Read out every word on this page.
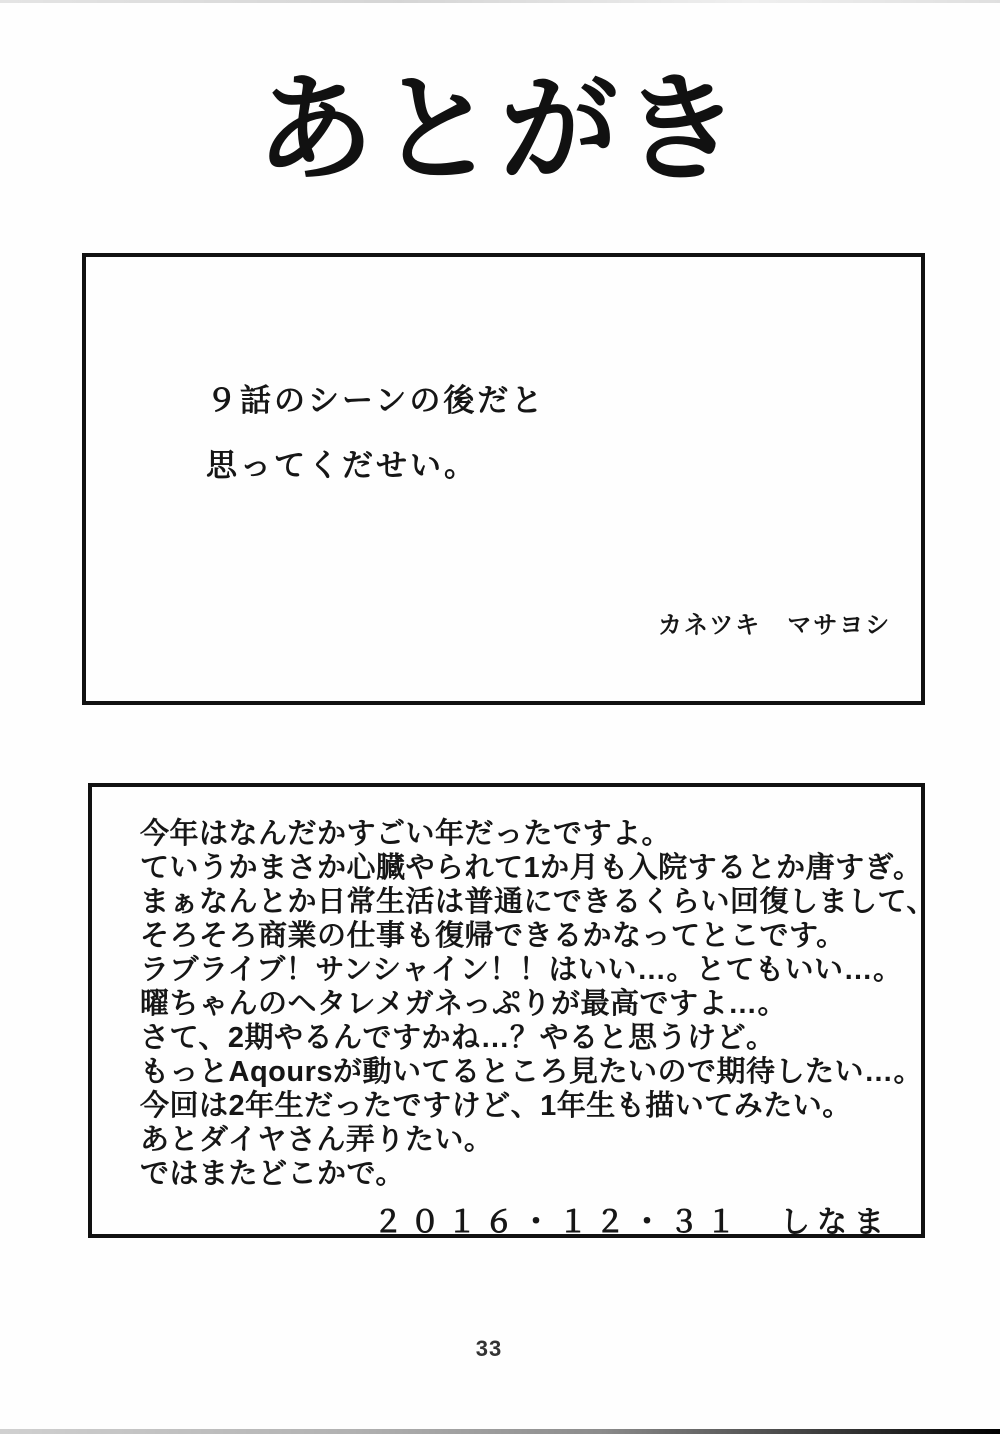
あとがき

９話のシーンの後だと

思ってくだせい。

カネツキ　マサヨシ

今年はなんだかすごい年だったですよ。

ていうかまさか心臓やられて1か月も入院するとか唐すぎ。

まぁなんとか日常生活は普通にできるくらい回復しまして、

そろそろ商業の仕事も復帰できるかなってとこです。

ラブライブ！サンシャイン！！はいい…。とてもいい…。

曜ちゃんのヘタレメガネっぷりが最高ですよ…。

さて、2期やるんですかね…？やると思うけど。

もっとAqoursが動いてるところ見たいので期待したい…。

今回は2年生だったですけど、1年生も描いてみたい。

あとダイヤさん弄りたい。

ではまたどこかで。

２０１６・１２・３１　しなま

33
